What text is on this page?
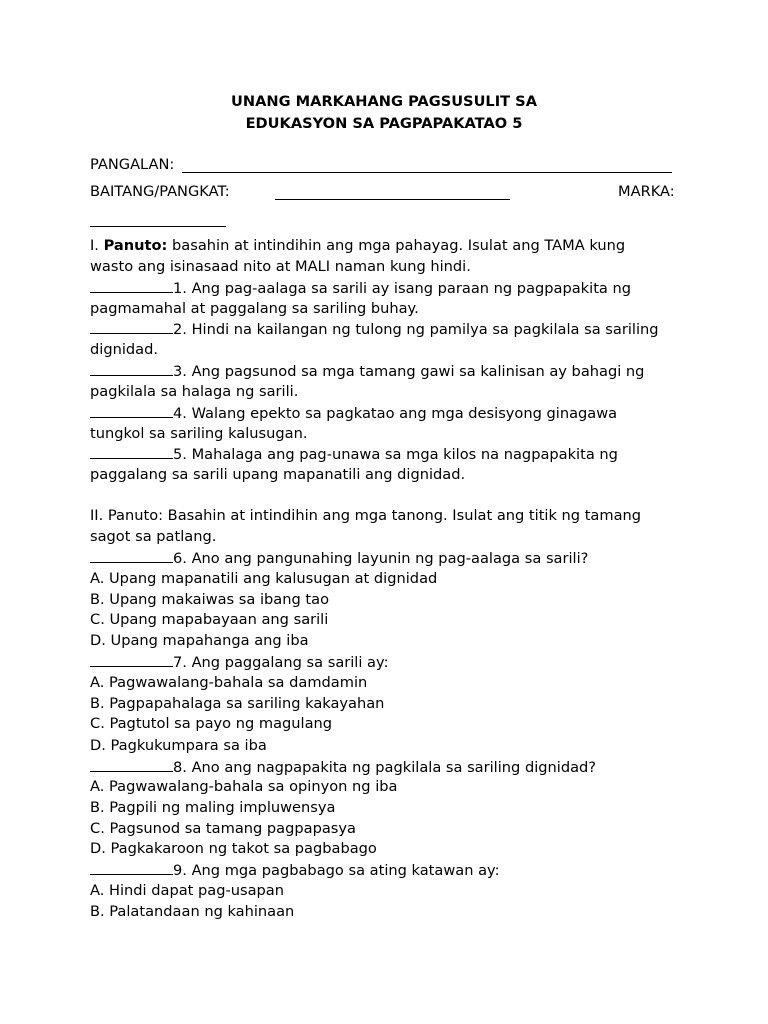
UNANG MARKAHANG PAGSUSULIT SA
EDUKASYON SA PAGPAPAKATAO 5
PANGALAN:
BAITANG/PANGKAT:	MARKA:
I. Panuto: basahin at intindihin ang mga pahayag. Isulat ang TAMA kung
wasto ang isinasaad nito at MALI naman kung hindi.
1. Ang pag-aalaga sa sarili ay isang paraan ng pagpapakita ng
pagmamahal at paggalang sa sariling buhay.
2. Hindi na kailangan ng tulong ng pamilya sa pagkilala sa sariling
dignidad.
3. Ang pagsunod sa mga tamang gawi sa kalinisan ay bahagi ng
pagkilala sa halaga ng sarili.
4. Walang epekto sa pagkatao ang mga desisyong ginagawa
tungkol sa sariling kalusugan.
5. Mahalaga ang pag-unawa sa mga kilos na nagpapakita ng
paggalang sa sarili upang mapanatili ang dignidad.
II. Panuto: Basahin at intindihin ang mga tanong. Isulat ang titik ng tamang
sagot sa patlang.
6. Ano ang pangunahing layunin ng pag-aalaga sa sarili?
A. Upang mapanatili ang kalusugan at dignidad
B. Upang makaiwas sa ibang tao
C. Upang mapabayaan ang sarili
D. Upang mapahanga ang iba
7. Ang paggalang sa sarili ay:
A. Pagwawalang-bahala sa damdamin
B. Pagpapahalaga sa sariling kakayahan
C. Pagtutol sa payo ng magulang
D. Pagkukumpara sa iba
8. Ano ang nagpapakita ng pagkilala sa sariling dignidad?
A. Pagwawalang-bahala sa opinyon ng iba
B. Pagpili ng maling impluwensya
C. Pagsunod sa tamang pagpapasya
D. Pagkakaroon ng takot sa pagbabago
9. Ang mga pagbabago sa ating katawan ay:
A. Hindi dapat pag-usapan
B. Palatandaan ng kahinaan
